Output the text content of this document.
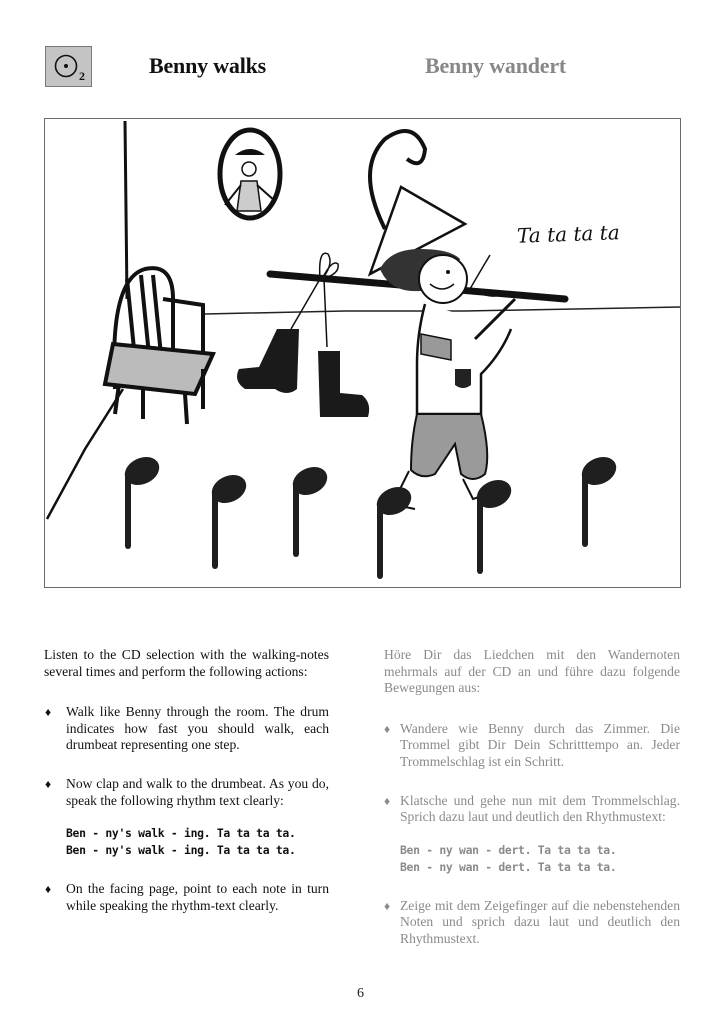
2	Benny walks	Benny wandert
Ta ta ta ta

Listen to the CD selection with the walking-notes several times and perform the following actions:

♦ Walk like Benny through the room. The drum indicates how fast you should walk, each drumbeat representing one step.

♦ Now clap and walk to the drumbeat. As you do, speak the following rhythm text clearly:

Ben - ny's walk - ing. Ta ta ta ta.
Ben - ny's walk - ing. Ta ta ta ta.
♦ On the facing page, point to each note in turn while speaking the rhythm-text clearly.

Höre Dir das Liedchen mit den Wandernoten mehrmals auf der CD an und führe dazu folgende Bewegungen aus:

♦ Wandere wie Benny durch das Zimmer. Die Trommel gibt Dir Dein Schritttempo an. Jeder Trommelschlag ist ein Schritt.

♦ Klatsche und gehe nun mit dem Trommelschlag. Sprich dazu laut und deutlich den Rhythmustext:

Ben - ny wan - dert. Ta ta ta ta.
Ben - ny wan - dert. Ta ta ta ta.
♦ Zeige mit dem Zeigefinger auf die nebenstehenden Noten und sprich dazu laut und deutlich den Rhythmustext.

6
